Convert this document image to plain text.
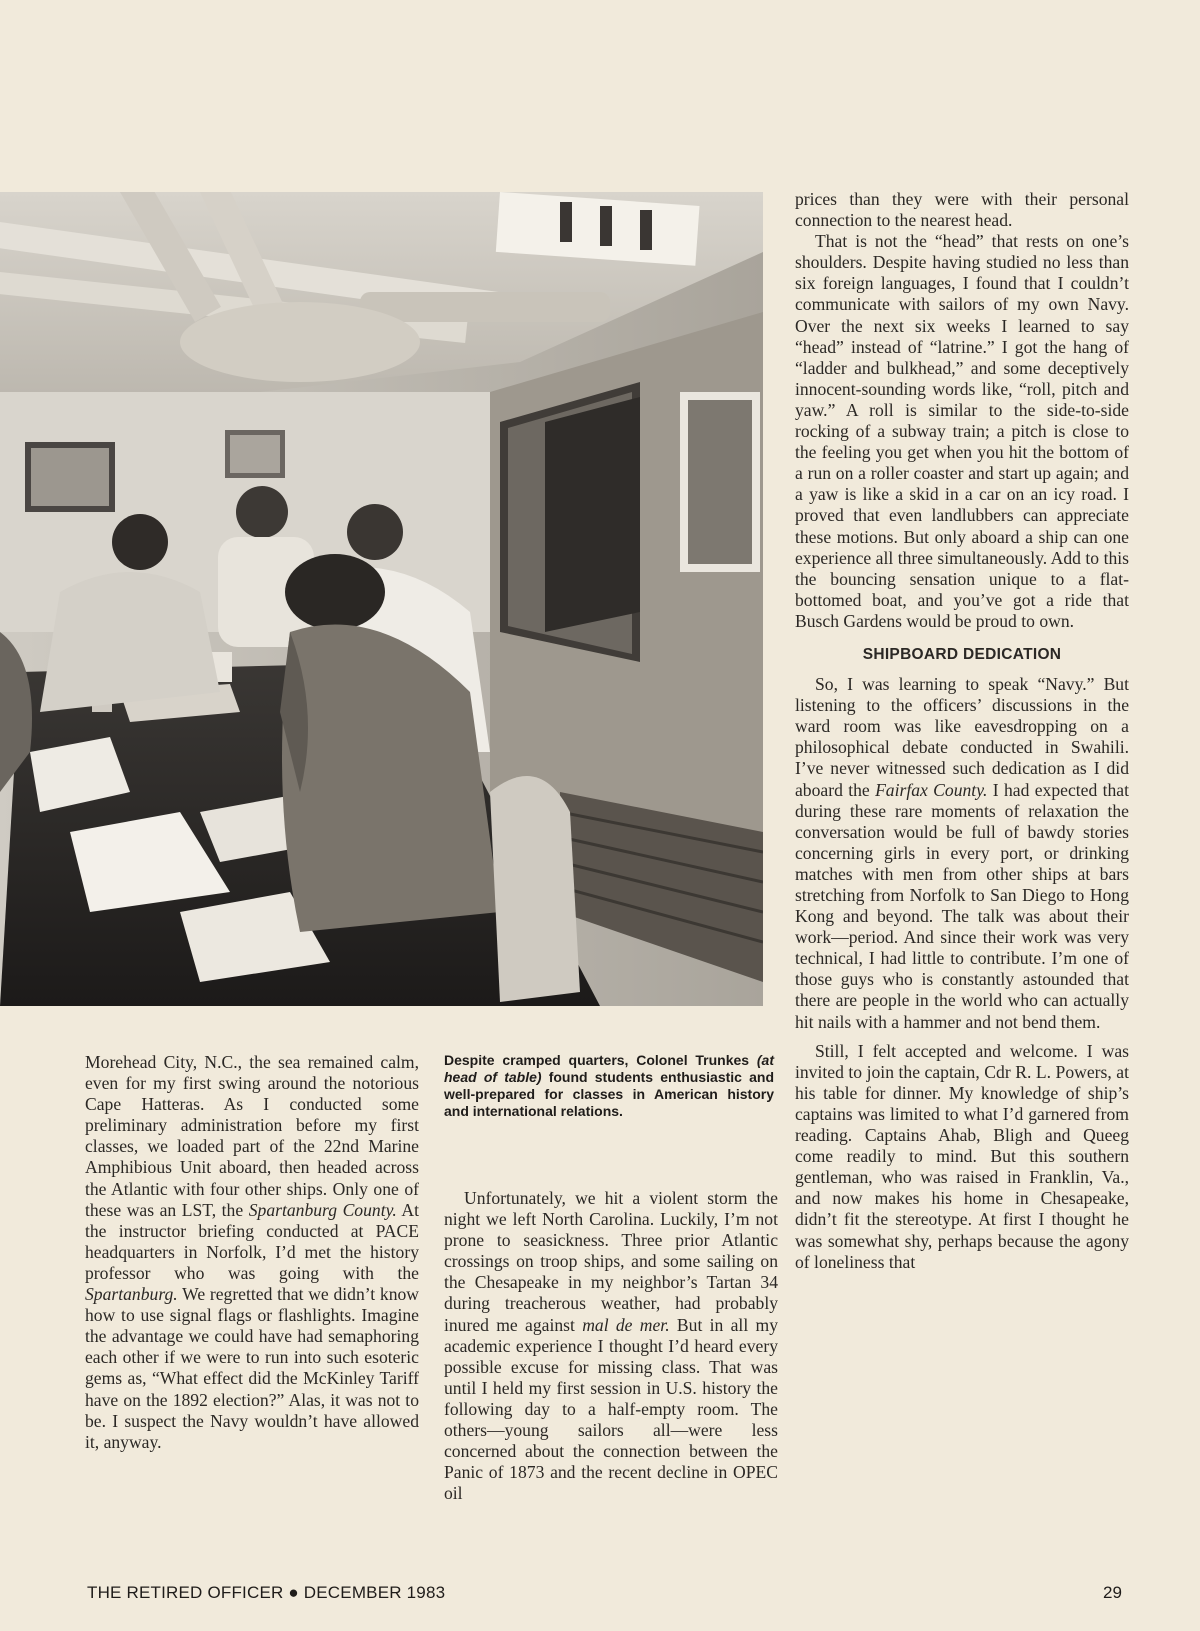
prices than they were with their personal connection to the nearest head.

That is not the “head” that rests on one’s shoulders. Despite having studied no less than six foreign languages, I found that I couldn’t communicate with sailors of my own Navy. Over the next six weeks I learned to say “head” instead of “latrine.” I got the hang of “ladder and bulkhead,” and some deceptively innocent-sounding words like, “roll, pitch and yaw.” A roll is similar to the side-to-side rocking of a subway train; a pitch is close to the feeling you get when you hit the bottom of a run on a roller coaster and start up again; and a yaw is like a skid in a car on an icy road. I proved that even landlubbers can appreciate these motions. But only aboard a ship can one experience all three simultaneously. Add to this the bouncing sensation unique to a flat-bottomed boat, and you’ve got a ride that Busch Gardens would be proud to own.

SHIPBOARD DEDICATION

So, I was learning to speak “Navy.” But listening to the officers’ discussions in the ward room was like eavesdropping on a philosophical debate conducted in Swahili. I’ve never witnessed such dedication as I did aboard the Fairfax County. I had expected that during these rare moments of relaxation the conversation would be full of bawdy stories concerning girls in every port, or drinking matches with men from other ships at bars stretching from Norfolk to San Diego to Hong Kong and beyond. The talk was about their work—period. And since their work was very technical, I had little to contribute. I’m one of those guys who is constantly astounded that there are people in the world who can actually hit nails with a hammer and not bend them.

Still, I felt accepted and welcome. I was invited to join the captain, Cdr R. L. Powers, at his table for dinner. My knowledge of ship’s captains was limited to what I’d garnered from reading. Captains Ahab, Bligh and Queeg come readily to mind. But this southern gentleman, who was raised in Franklin, Va., and now makes his home in Chesapeake, didn’t fit the stereotype. At first I thought he was somewhat shy, perhaps because the agony of loneliness that

Morehead City, N.C., the sea remained calm, even for my first swing around the notorious Cape Hatteras. As I conducted some preliminary administration before my first classes, we loaded part of the 22nd Marine Amphibious Unit aboard, then headed across the Atlantic with four other ships. Only one of these was an LST, the Spartanburg County. At the instructor briefing conducted at PACE headquarters in Norfolk, I’d met the history professor who was going with the Spartanburg. We regretted that we didn’t know how to use signal flags or flashlights. Imagine the advantage we could have had semaphoring each other if we were to run into such esoteric gems as, “What effect did the McKinley Tariff have on the 1892 election?” Alas, it was not to be. I suspect the Navy wouldn’t have allowed it, anyway.

Despite cramped quarters, Colonel Trunkes (at head of table) found students enthusiastic and well-prepared for classes in American history and international relations.

Unfortunately, we hit a violent storm the night we left North Carolina. Luckily, I’m not prone to seasickness. Three prior Atlantic crossings on troop ships, and some sailing on the Chesapeake in my neighbor’s Tartan 34 during treacherous weather, had probably inured me against mal de mer. But in all my academic experience I thought I’d heard every possible excuse for missing class. That was until I held my first session in U.S. history the following day to a half-empty room. The others—young sailors all—were less concerned about the connection between the Panic of 1873 and the recent decline in OPEC oil

THE RETIRED OFFICER ● DECEMBER 1983	29
